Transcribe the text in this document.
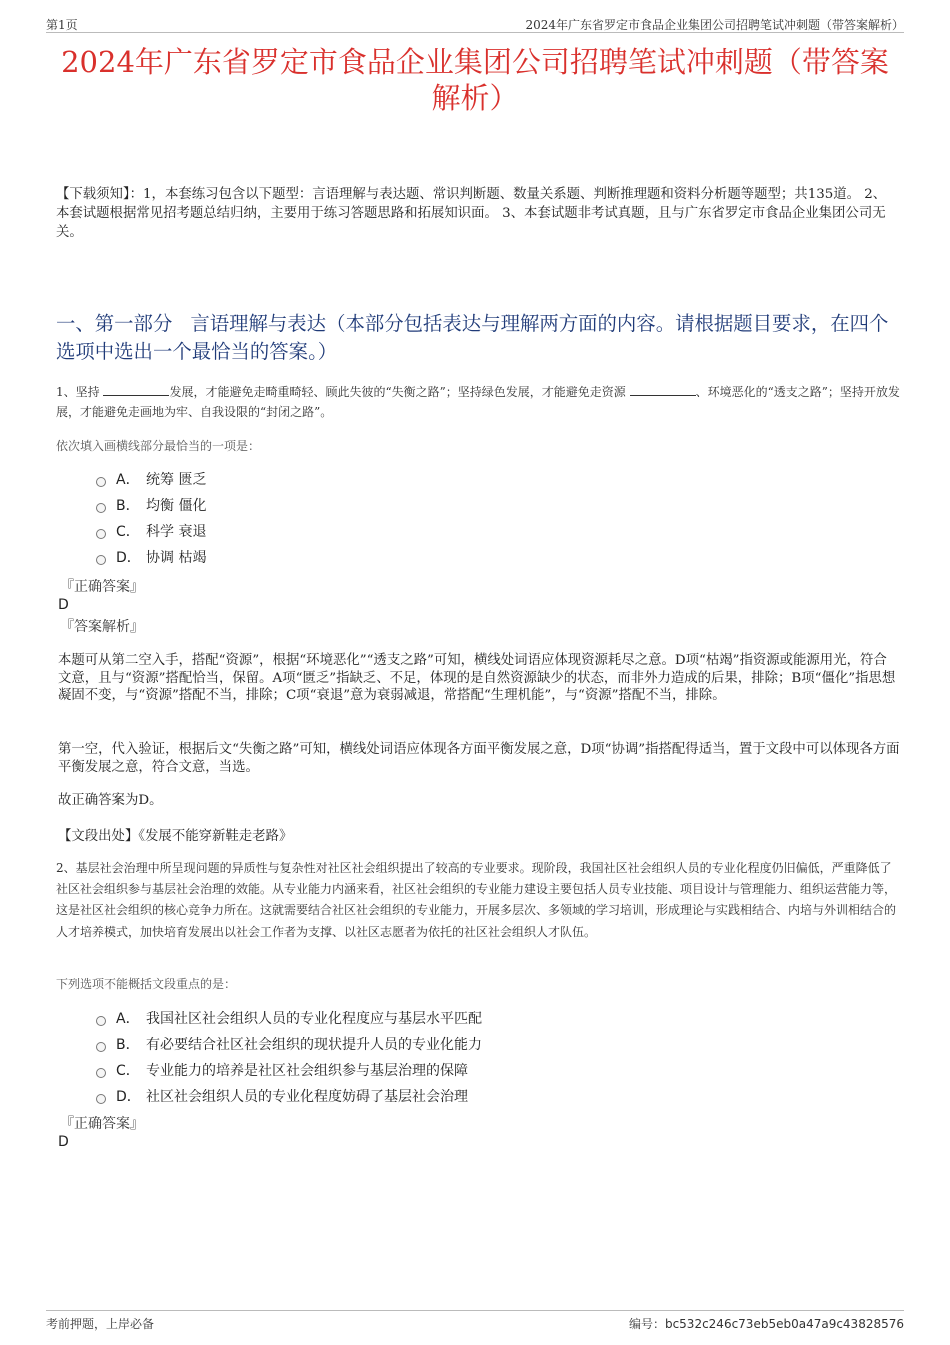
第1页	2024年广东省罗定市食品企业集团公司招聘笔试冲刺题（带答案解析）
2024年广东省罗定市食品企业集团公司招聘笔试冲刺题（带答案解析）
【下载须知】：1，本套练习包含以下题型：言语理解与表达题、常识判断题、数量关系题、判断推理题和资料分析题等题型；共135道。 2、本套试题根据常见招考题总结归纳，主要用于练习答题思路和拓展知识面。 3、本套试题非考试真题，且与广东省罗定市食品企业集团公司无关。
一、第一部分 言语理解与表达（本部分包括表达与理解两方面的内容。请根据题目要求，在四个选项中选出一个最恰当的答案。）
1、坚持	发展，才能避免走畸重畸轻、顾此失彼的“失衡之路”；坚持绿色发展，才能避免走资源	、环境恶化的“透支之路”；坚持开放发展，才能避免走画地为牢、自我设限的“封闭之路”。
依次填入画横线部分最恰当的一项是：
A． 统筹 匮乏
B． 均衡 僵化
C． 科学 衰退
D． 协调 枯竭
『正确答案』
D
『答案解析』
本题可从第二空入手，搭配“资源”，根据“环境恶化”“透支之路”可知，横线处词语应体现资源耗尽之意。D项“枯竭”指资源或能源用光，符合文意，且与“资源”搭配恰当，保留。A项“匮乏”指缺乏、不足，体现的是自然资源缺少的状态，而非外力造成的后果，排除；B项“僵化”指思想凝固不变，与“资源”搭配不当，排除；C项“衰退”意为衰弱减退，常搭配“生理机能”，与“资源”搭配不当，排除。
第一空，代入验证，根据后文“失衡之路”可知，横线处词语应体现各方面平衡发展之意，D项“协调”指搭配得适当，置于文段中可以体现各方面平衡发展之意，符合文意，当选。
故正确答案为D。
【文段出处】《发展不能穿新鞋走老路》
2、基层社会治理中所呈现问题的异质性与复杂性对社区社会组织提出了较高的专业要求。现阶段，我国社区社会组织人员的专业化程度仍旧偏低，严重降低了社区社会组织参与基层社会治理的效能。从专业能力内涵来看，社区社会组织的专业能力建设主要包括人员专业技能、项目设计与管理能力、组织运营能力等，这是社区社会组织的核心竞争力所在。这就需要结合社区社会组织的专业能力，开展多层次、多领域的学习培训，形成理论与实践相结合、内培与外训相结合的人才培养模式，加快培育发展出以社会工作者为支撑、以社区志愿者为依托的社区社会组织人才队伍。
下列选项不能概括文段重点的是：
A． 我国社区社会组织人员的专业化程度应与基层水平匹配
B． 有必要结合社区社会组织的现状提升人员的专业化能力
C． 专业能力的培养是社区社会组织参与基层治理的保障
D． 社区社会组织人员的专业化程度妨碍了基层社会治理
『正确答案』
D
考前押题，上岸必备	编号：bc532c246c73eb5eb0a47a9c43828576
